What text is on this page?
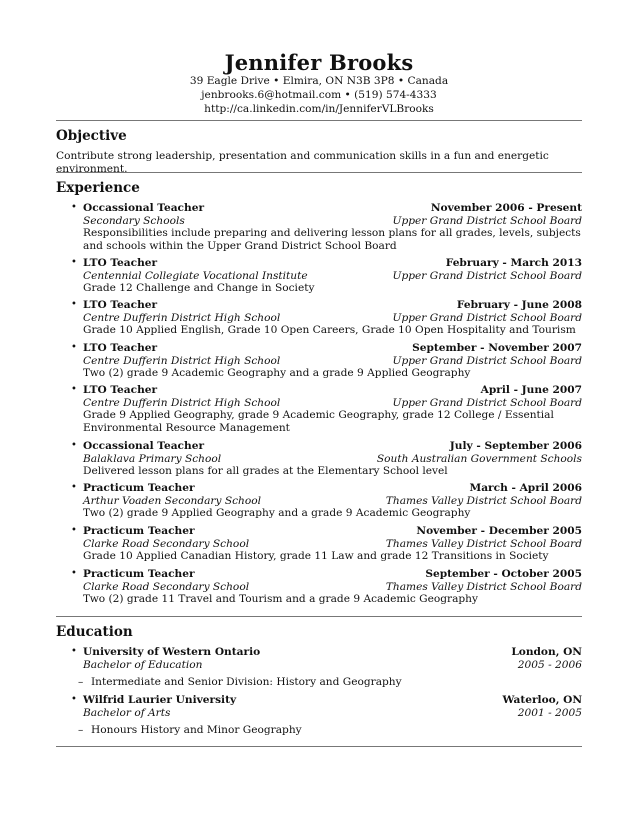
Jennifer Brooks
39 Eagle Drive • Elmira, ON N3B 3P8 • Canada
jenbrooks.6@hotmail.com • (519) 574-4333
http://ca.linkedin.com/in/JenniferVLBrooks
Objective
Contribute strong leadership, presentation and communication skills in a fun and energetic environment.
Experience
• Occassional Teacher	November 2006 - Present
Secondary Schools	Upper Grand District School Board
Responsibilities include preparing and delivering lesson plans for all grades, levels, subjects and schools within the Upper Grand District School Board
• LTO Teacher	February - March 2013
Centennial Collegiate Vocational Institute	Upper Grand District School Board
Grade 12 Challenge and Change in Society
• LTO Teacher	February - June 2008
Centre Dufferin District High School	Upper Grand District School Board
Grade 10 Applied English, Grade 10 Open Careers, Grade 10 Open Hospitality and Tourism
• LTO Teacher	September - November 2007
Centre Dufferin District High School	Upper Grand District School Board
Two (2) grade 9 Academic Geography and a grade 9 Applied Geography
• LTO Teacher	April - June 2007
Centre Dufferin District High School	Upper Grand District School Board
Grade 9 Applied Geography, grade 9 Academic Geography, grade 12 College / Essential Environmental Resource Management
• Occassional Teacher	July - September 2006
Balaklava Primary School	South Australian Government Schools
Delivered lesson plans for all grades at the Elementary School level
• Practicum Teacher	March - April 2006
Arthur Voaden Secondary School	Thames Valley District School Board
Two (2) grade 9 Applied Geography and a grade 9 Academic Geography
• Practicum Teacher	November - December 2005
Clarke Road Secondary School	Thames Valley District School Board
Grade 10 Applied Canadian History, grade 11 Law and grade 12 Transitions in Society
• Practicum Teacher	September - October 2005
Clarke Road Secondary School	Thames Valley District School Board
Two (2) grade 11 Travel and Tourism and a grade 9 Academic Geography
Education
• University of Western Ontario	London, ON
Bachelor of Education	2005 - 2006
– Intermediate and Senior Division: History and Geography
• Wilfrid Laurier University	Waterloo, ON
Bachelor of Arts	2001 - 2005
– Honours History and Minor Geography
